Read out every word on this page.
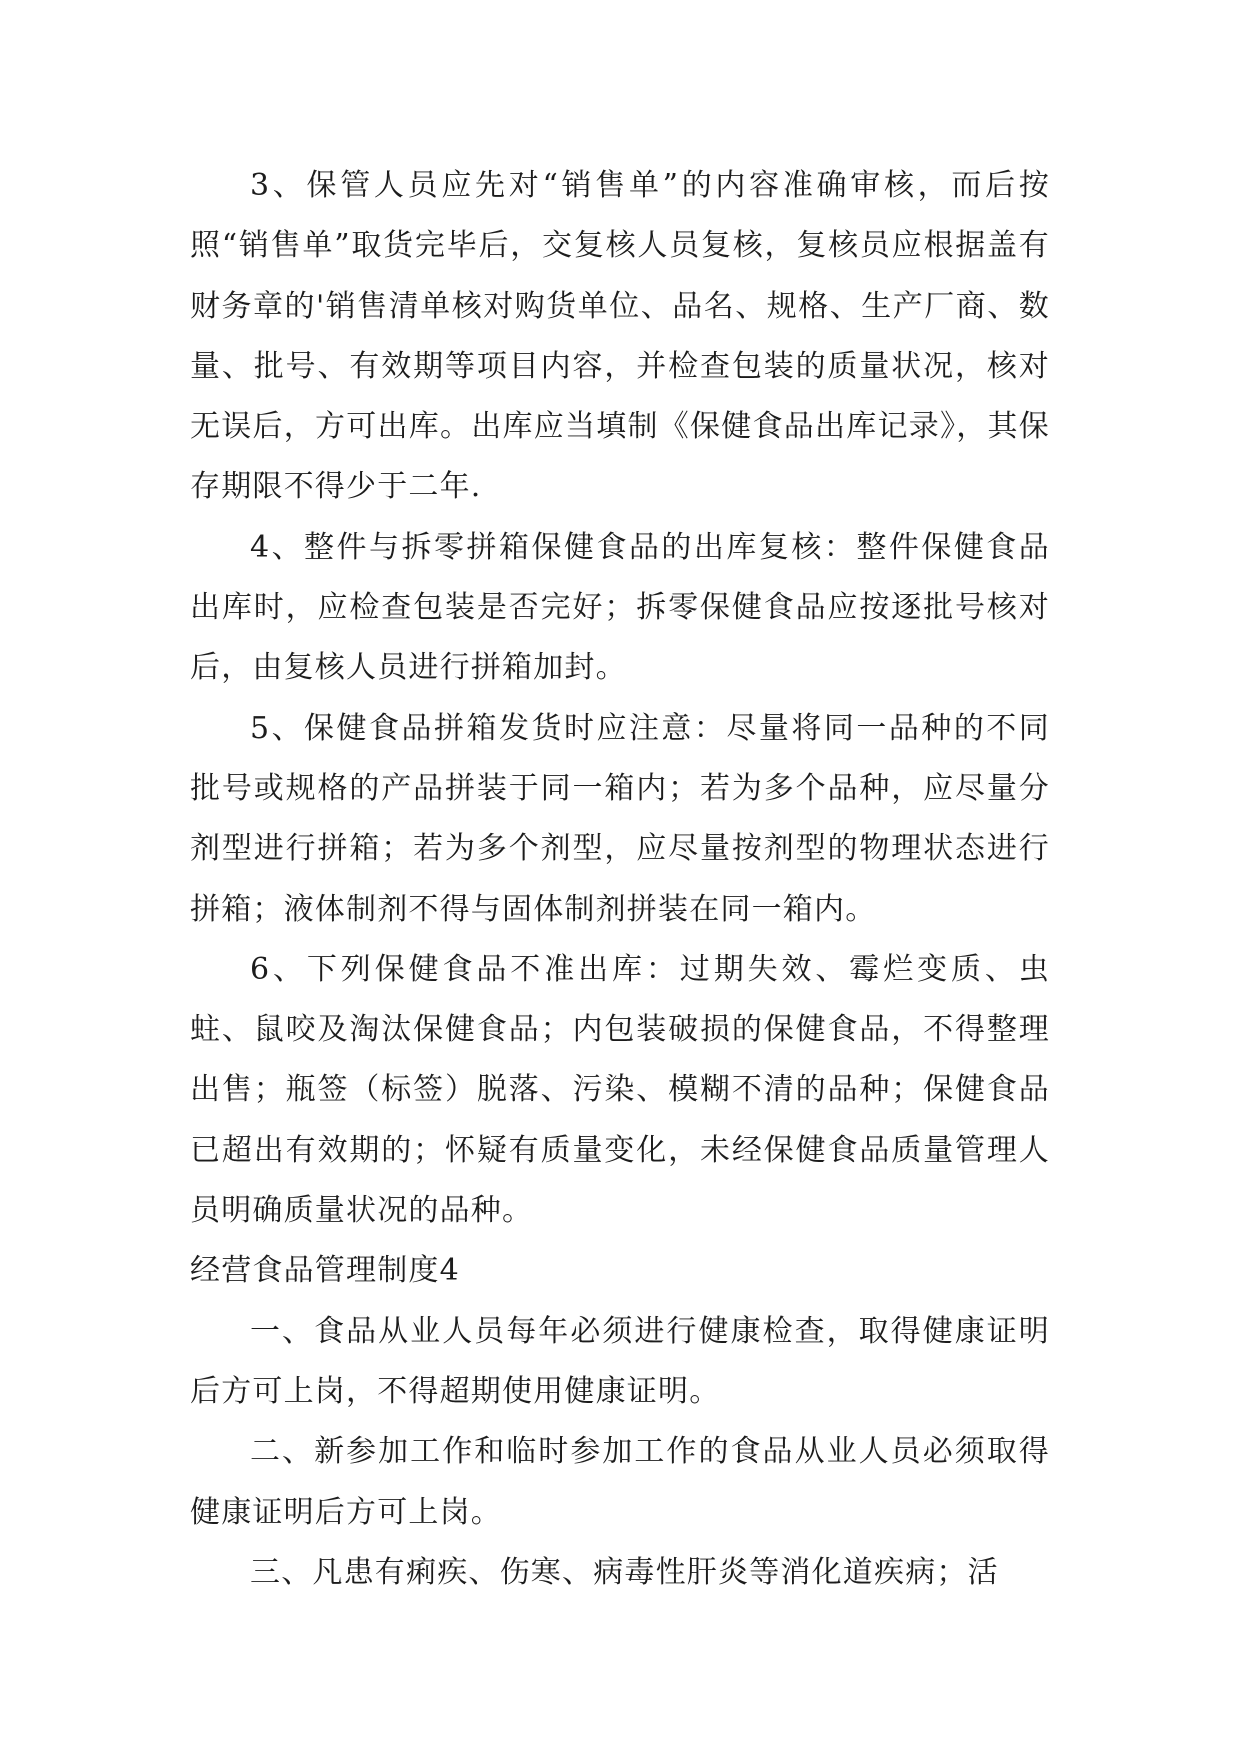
3、保管人员应先对“销售单”的内容准确审核，而后按照“销售单”取货完毕后，交复核人员复核，复核员应根据盖有财务章的'销售清单核对购货单位、品名、规格、生产厂商、数量、批号、有效期等项目内容，并检查包装的质量状况，核对无误后，方可出库。出库应当填制《保健食品出库记录》，其保存期限不得少于二年.

4、整件与拆零拼箱保健食品的出库复核：整件保健食品出库时，应检查包装是否完好；拆零保健食品应按逐批号核对后，由复核人员进行拼箱加封。

5、保健食品拼箱发货时应注意：尽量将同一品种的不同批号或规格的产品拼装于同一箱内；若为多个品种，应尽量分剂型进行拼箱；若为多个剂型，应尽量按剂型的物理状态进行拼箱；液体制剂不得与固体制剂拼装在同一箱内。

6、下列保健食品不准出库：过期失效、霉烂变质、虫蛀、鼠咬及淘汰保健食品；内包装破损的保健食品，不得整理出售；瓶签（标签）脱落、污染、模糊不清的品种；保健食品已超出有效期的；怀疑有质量变化，未经保健食品质量管理人员明确质量状况的品种。

经营食品管理制度4

一、食品从业人员每年必须进行健康检查，取得健康证明后方可上岗，不得超期使用健康证明。

二、新参加工作和临时参加工作的食品从业人员必须取得健康证明后方可上岗。

三、凡患有痢疾、伤寒、病毒性肝炎等消化道疾病；活
